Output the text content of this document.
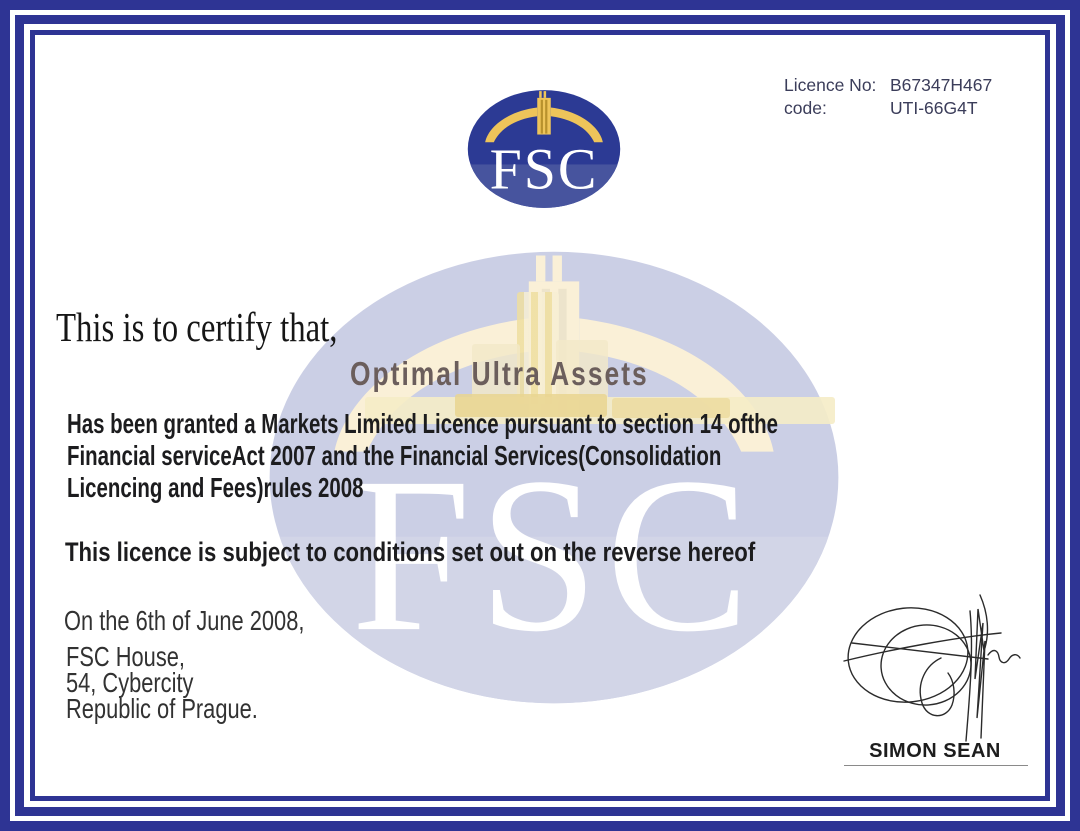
Licence No: B67347H467
code:	UTI-66G4T
This is to certify that,
Optimal Ultra Assets
Has been granted a Markets Limited Licence pursuant to section 14 ofthe
Financial serviceAct 2007 and the Financial Services(Consolidation
Licencing and Fees)rules 2008
This licence is subject to conditions set out on the reverse hereof
On the 6th of June 2008,
FSC House,
54, Cybercity
Republic of Prague.
SIMON SEAN
